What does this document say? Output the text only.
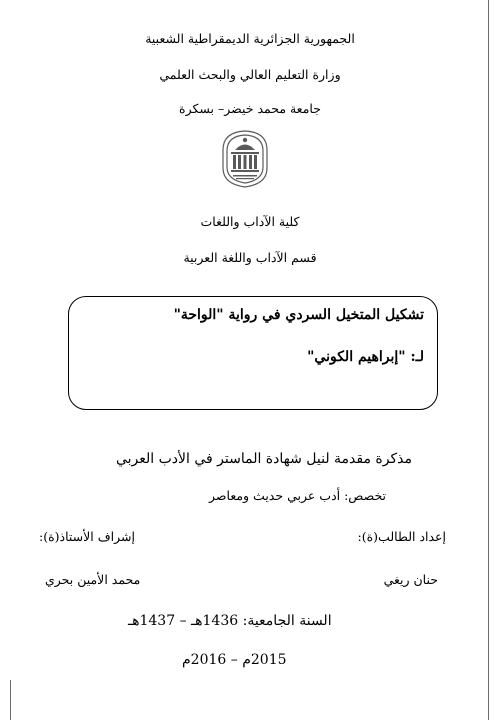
الجمهورية الجزائرية الديمقراطية الشعبية
وزارة التعليم العالي والبحث العلمي
جامعة محمد خيضر– بسكرة
كلية الآداب واللغات
قسم الآداب واللغة العربية
تشكيل المتخيل السردي في رواية "الواحة"
لـ: "إبراهيم الكوني"
مذكرة مقدمة لنيل شهادة الماستر في الأدب العربي
تخصص: أدب عربي حديث ومعاصر
إعداد الطالب(ة):
إشراف الأستاذ(ة):
حنان ريغي
محمد الأمين بحري
السنة الجامعية: 1436هـ – 1437هـ
2015م – 2016م
